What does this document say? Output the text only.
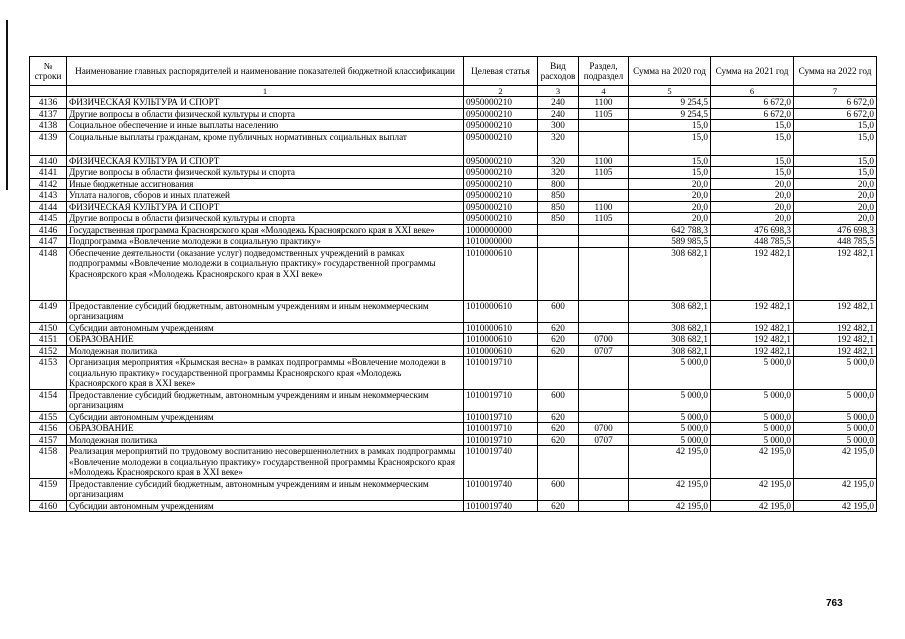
№ строки	Наименование главных распорядителей и наименование показателей бюджетной классификации	Целевая статья	Вид расходов	Раздел, подраздел	Сумма на 2020 год	Сумма на 2021 год	Сумма на 2022 год
	1	2	3	4	5	6	7
4136	ФИЗИЧЕСКАЯ КУЛЬТУРА И СПОРТ	0950000210	240	1100	9 254,5	6 672,0	6 672,0
4137	Другие вопросы в области физической культуры и спорта	0950000210	240	1105	9 254,5	6 672,0	6 672,0
4138	Социальное обеспечение и иные выплаты населению	0950000210	300		15,0	15,0	15,0
4139	Социальные выплаты гражданам, кроме публичных нормативных социальных выплат	0950000210	320		15,0	15,0	15,0
4140	ФИЗИЧЕСКАЯ КУЛЬТУРА И СПОРТ	0950000210	320	1100	15,0	15,0	15,0
4141	Другие вопросы в области физической культуры и спорта	0950000210	320	1105	15,0	15,0	15,0
4142	Иные бюджетные ассигнования	0950000210	800		20,0	20,0	20,0
4143	Уплата налогов, сборов и иных платежей	0950000210	850		20,0	20,0	20,0
4144	ФИЗИЧЕСКАЯ КУЛЬТУРА И СПОРТ	0950000210	850	1100	20,0	20,0	20,0
4145	Другие вопросы в области физической культуры и спорта	0950000210	850	1105	20,0	20,0	20,0
4146	Государственная программа Красноярского края «Молодежь Красноярского края в XXI веке»	1000000000			642 788,3	476 698,3	476 698,3
4147	Подпрограмма «Вовлечение молодежи в социальную практику»	1010000000			589 985,5	448 785,5	448 785,5
4148	Обеспечение деятельности (оказание услуг) подведомственных учреждений в рамках подпрограммы «Вовлечение молодежи в социальную практику» государственной программы Красноярского края «Молодежь Красноярского края в XXI веке»	1010000610			308 682,1	192 482,1	192 482,1
4149	Предоставление субсидий бюджетным, автономным учреждениям и иным некоммерческим организациям	1010000610	600		308 682,1	192 482,1	192 482,1
4150	Субсидии автономным учреждениям	1010000610	620		308 682,1	192 482,1	192 482,1
4151	ОБРАЗОВАНИЕ	1010000610	620	0700	308 682,1	192 482,1	192 482,1
4152	Молодежная политика	1010000610	620	0707	308 682,1	192 482,1	192 482,1
4153	Организация мероприятия «Крымская весна» в рамках подпрограммы «Вовлечение молодежи в социальную практику» государственной программы Красноярского края «Молодежь Красноярского края в XXI веке»	1010019710			5 000,0	5 000,0	5 000,0
4154	Предоставление субсидий бюджетным, автономным учреждениям и иным некоммерческим организациям	1010019710	600		5 000,0	5 000,0	5 000,0
4155	Субсидии автономным учреждениям	1010019710	620		5 000,0	5 000,0	5 000,0
4156	ОБРАЗОВАНИЕ	1010019710	620	0700	5 000,0	5 000,0	5 000,0
4157	Молодежная политика	1010019710	620	0707	5 000,0	5 000,0	5 000,0
4158	Реализация мероприятий по трудовому воспитанию несовершеннолетних в рамках подпрограммы «Вовлечение молодежи в социальную практику» государственной программы Красноярского края «Молодежь Красноярского края в XXI веке»	1010019740			42 195,0	42 195,0	42 195,0
4159	Предоставление субсидий бюджетным, автономным учреждениям и иным некоммерческим организациям	1010019740	600		42 195,0	42 195,0	42 195,0
4160	Субсидии автономным учреждениям	1010019740	620		42 195,0	42 195,0	42 195,0
763
